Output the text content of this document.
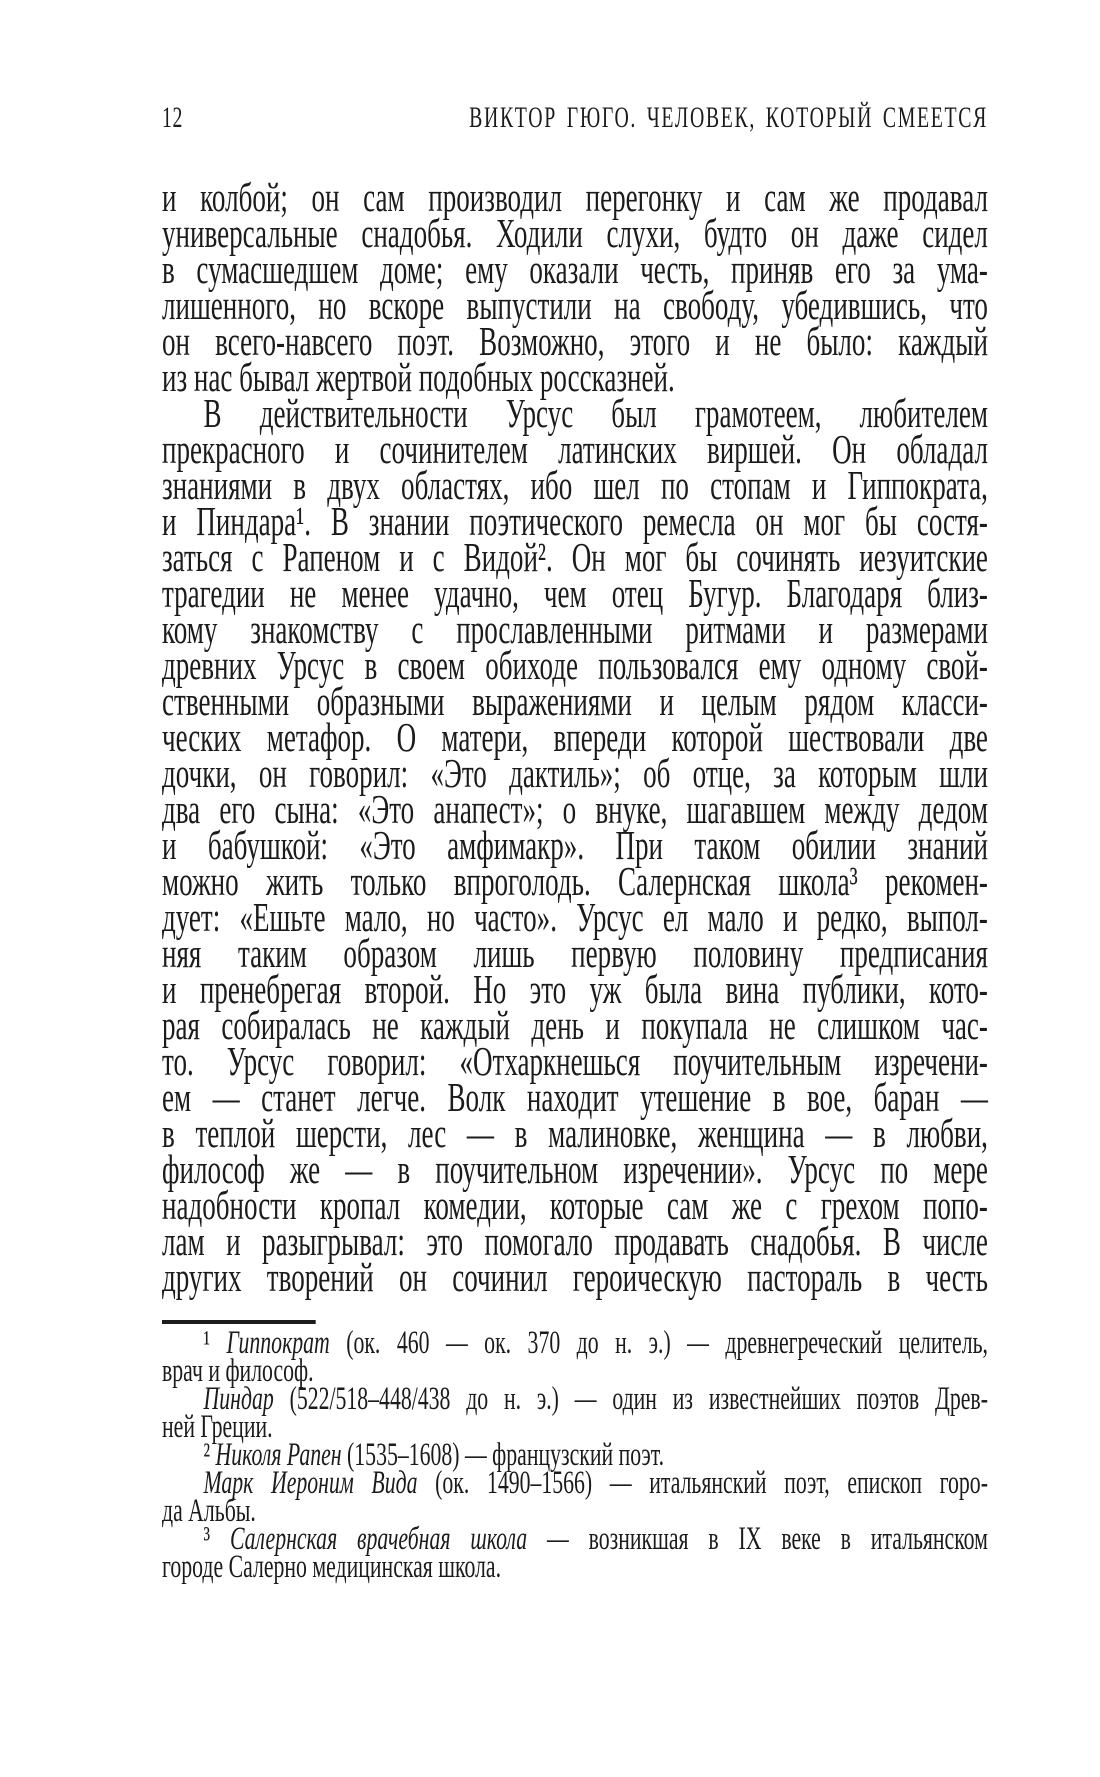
12	ВИКТОР ГЮГО. ЧЕЛОВЕК, КОТОРЫЙ СМЕЕТСЯ
и колбой; он сам производил перегонку и сам же продавал
универсальные снадобья. Ходили слухи, будто он даже сидел
в сумасшедшем доме; ему оказали честь, приняв его за ума-
лишенного, но вскоре выпустили на свободу, убедившись, что
он всего-навсего поэт. Возможно, этого и не было: каждый
из нас бывал жертвой подобных россказней.
В действительности Урсус был грамотеем, любителем
прекрасного и сочинителем латинских виршей. Он обладал
знаниями в двух областях, ибо шел по стопам и Гиппократа,
и Пиндара¹. В знании поэтического ремесла он мог бы состя-
заться с Рапеном и с Видой². Он мог бы сочинять иезуитские
трагедии не менее удачно, чем отец Бугур. Благодаря близ-
кому знакомству с прославленными ритмами и размерами
древних Урсус в своем обиходе пользовался ему одному свой-
ственными образными выражениями и целым рядом класси-
ческих метафор. О матери, впереди которой шествовали две
дочки, он говорил: «Это дактиль»; об отце, за которым шли
два его сына: «Это анапест»; о внуке, шагавшем между дедом
и бабушкой: «Это амфимакр». При таком обилии знаний
можно жить только впроголодь. Салернская школа³ рекомен-
дует: «Ешьте мало, но часто». Урсус ел мало и редко, выпол-
няя таким образом лишь первую половину предписания
и пренебрегая второй. Но это уж была вина публики, кото-
рая собиралась не каждый день и покупала не слишком час-
то. Урсус говорил: «Отхаркнешься поучительным изречени-
ем — станет легче. Волк находит утешение в вое, баран —
в теплой шерсти, лес — в малиновке, женщина — в любви,
философ же — в поучительном изречении». Урсус по мере
надобности кропал комедии, которые сам же с грехом попо-
лам и разыгрывал: это помогало продавать снадобья. В числе
других творений он сочинил героическую пастораль в честь
¹ Гиппократ (ок. 460 — ок. 370 до н. э.) — древнегреческий целитель,
врач и философ.
Пиндар (522/518–448/438 до н. э.) — один из известнейших поэтов Древ-
ней Греции.
² Николя Рапен (1535–1608) — французский поэт.
Марк Иероним Вида (ок. 1490–1566) — итальянский поэт, епископ горо-
да Альбы.
³ Салернская врачебная школа — возникшая в IX веке в итальянском
городе Салерно медицинская школа.
